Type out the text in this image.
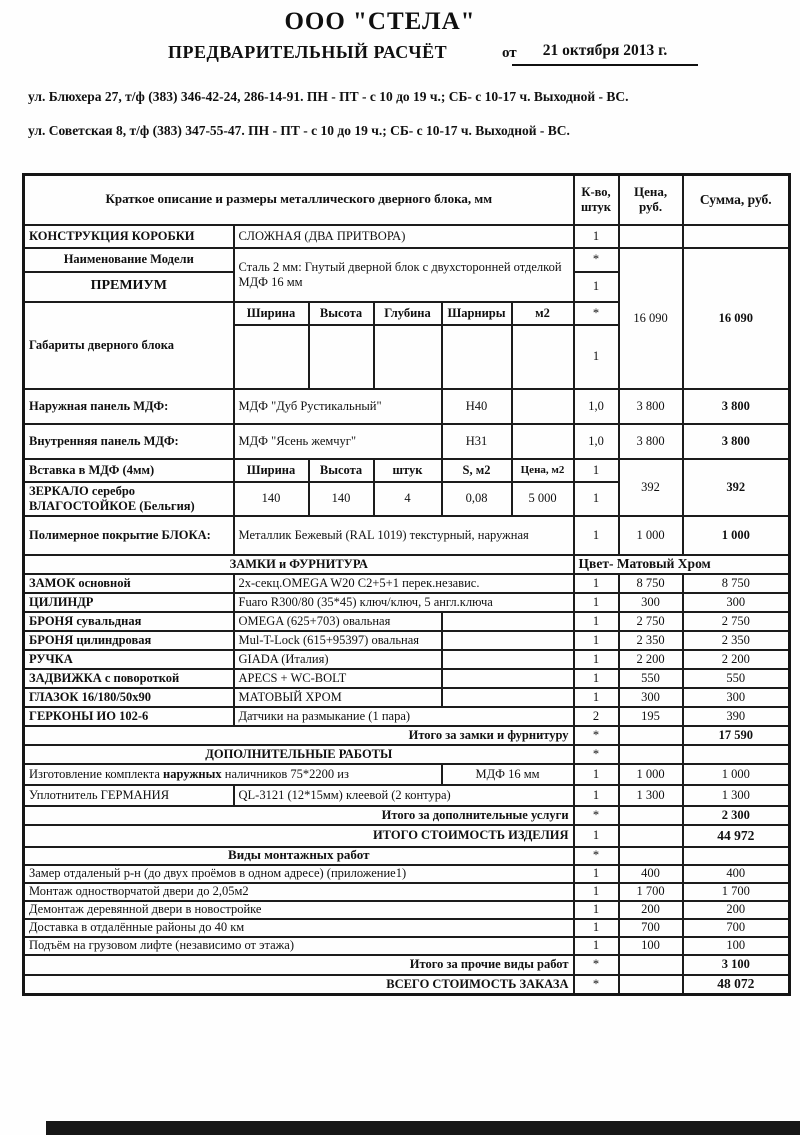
ООО "СТЕЛА"
ПРЕДВАРИТЕЛЬНЫЙ РАСЧЁТ	от	21 октября 2013 г.
ул. Блюхера 27, т/ф (383) 346-42-24, 286-14-91. ПН - ПТ - с 10 до 19 ч.; СБ- с 10-17 ч. Выходной - ВС.
ул. Советская 8, т/ф (383) 347-55-47. ПН - ПТ - с 10 до 19 ч.; СБ- с 10-17 ч. Выходной - ВС.
Краткое описание и размеры металлического дверного блока, мм						К-во, штук	Цена, руб.	Сумма, руб.
КОНСТРУКЦИЯ КОРОБКИ	СЛОЖНАЯ (ДВА ПРИТВОРА)					1		
Наименование Модели	Сталь 2 мм: Гнутый дверной блок с двухсторонней отделкой МДФ 16 мм					*	16 090	16 090
ПРЕМИУМ						1		
Габариты дверного блока	Ширина	Высота	Глубина	Шарниры	м2	*		
						1		
Наружная панель МДФ:	МДФ "Дуб Рустикальный"			Н40		1,0	3 800	3 800
Внутренняя панель МДФ:	МДФ "Ясень жемчуг"			Н31		1,0	3 800	3 800
Вставка в МДФ (4мм)	Ширина	Высота	штук	S, м2	Цена, м2	1	392	392
ЗЕРКАЛО серебро ВЛАГОСТОЙКОЕ (Бельгия)	140	140	4	0,08	5 000	1		
Полимерное покрытие БЛОКА:	Металлик Бежевый (RAL 1019) текстурный, наружная					1	1 000	1 000
ЗАМКИ и ФУРНИТУРА						Цвет- Матовый Хром		
ЗАМОК основной	2х-секц.OMEGA W20 C2+5+1 перек.независ.					1	8 750	8 750
ЦИЛИНДР	Fuaro R300/80 (35*45) ключ/ключ, 5 англ.ключа					1	300	300
БРОНЯ сувальдная	OMEGA (625+703) овальная					1	2 750	2 750
БРОНЯ цилиндровая	Mul-T-Lock (615+95397) овальная					1	2 350	2 350
РУЧКА	GIADA (Италия)					1	2 200	2 200
ЗАДВИЖКА с повороткой	APECS + WC-BOLT					1	550	550
ГЛАЗОК 16/180/50х90	МАТОВЫЙ ХРОМ					1	300	300
ГЕРКОНЫ ИО 102-6	Датчики на размыкание (1 пара)					2	195	390
Итого за замки и фурнитуру						*		17 590
ДОПОЛНИТЕЛЬНЫЕ РАБОТЫ						*		
Изготовление комплекта наружных наличников 75*2200 из				МДФ 16 мм		1	1 000	1 000
Уплотнитель ГЕРМАНИЯ	QL-3121 (12*15мм) клеевой (2 контура)					1	1 300	1 300
Итого за дополнительные услуги						*		2 300
ИТОГО СТОИМОСТЬ ИЗДЕЛИЯ						1		44 972
Виды монтажных работ						*		
Замер отдаленый р-н (до двух проёмов в одном адресе) (приложение1)						1	400	400
Монтаж одностворчатой двери до 2,05м2						1	1 700	1 700
Демонтаж деревянной двери в новостройке						1	200	200
Доставка в отдалённые районы до 40 км						1	700	700
Подъём на грузовом лифте (независимо от этажа)						1	100	100
Итого за прочие виды работ						*		3 100
ВСЕГО СТОИМОСТЬ ЗАКАЗА						*		48 072
